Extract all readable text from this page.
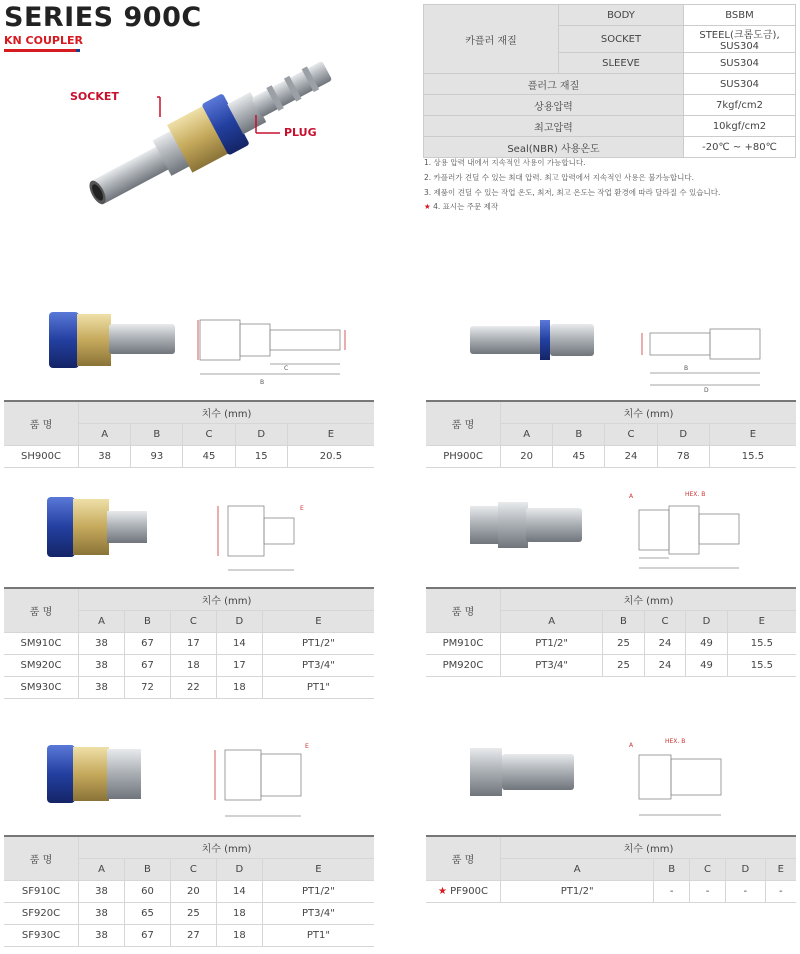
SERIES 900C
KN COUPLER
SOCKET
PLUG
카플러 재질	BODY	BSBM
	SOCKET	STEEL(크롬도금), SUS304
	SLEEVE	SUS304
플러그 재질		SUS304
상용압력		7kgf/cm2
최고압력		10kgf/cm2
Seal(NBR) 사용온도		-20℃ ~ +80℃
1. 상용 압력 내에서 지속적인 사용이 가능합니다.
2. 카플러가 견딜 수 있는 최대 압력. 최고 압력에서 지속적인 사용은 불가능합니다.
3. 제품이 견딜 수 있는 작업 온도, 최저, 최고 온도는 작업 환경에 따라 달라질 수 있습니다.
★ 4. 표시는 주문 제작
C
B
B
D
E
A	HEX. B
E	A
HEX. B
품 명	치수 (mm)				
	A	B	C	D	E
SH900C	38	93	45	15	20.5
품 명	치수 (mm)				
	A	B	C	D	E
PH900C	20	45	24	78	15.5
품 명	치수 (mm)				
	A	B	C	D	E
SM910C	38	67	17	14	PT1/2"
SM920C	38	67	18	17	PT3/4"
SM930C	38	72	22	18	PT1"
품 명	치수 (mm)				
	A	B	C	D	E
PM910C	PT1/2"	25	24	49	15.5
PM920C	PT3/4"	25	24	49	15.5
품 명	치수 (mm)				
	A	B	C	D	E
SF910C	38	60	20	14	PT1/2"
SF920C	38	65	25	18	PT3/4"
SF930C	38	67	27	18	PT1"
품 명	치수 (mm)				
	A	B	C	D	E
★ PF900C	PT1/2"	-	-	-	-
